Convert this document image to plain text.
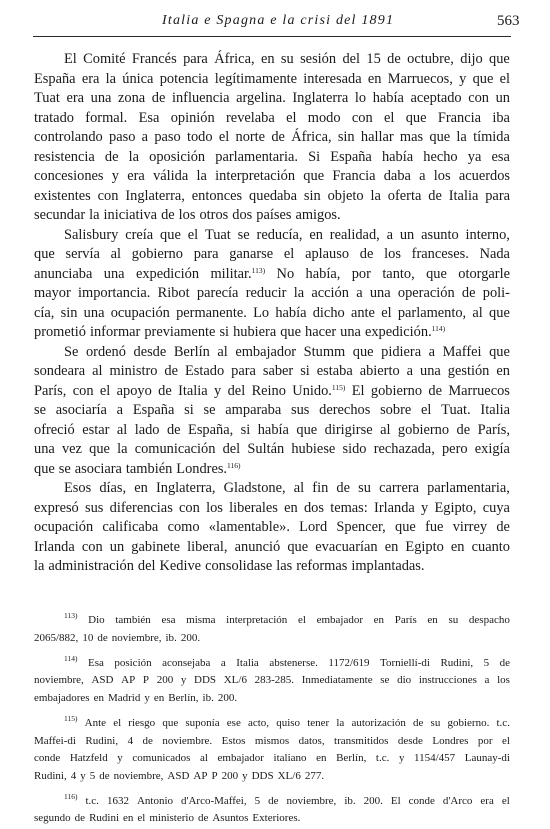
Italia e Spagna e la crisi del 1891	563
El Comité Francés para África, en su sesión del 15 de octubre, dijo que
España era la única potencia legítimamente interesada en Marruecos, y que el
Tuat era una zona de influencia argelina. Inglaterra lo había aceptado con un
tratado formal. Esa opinión revelaba el modo con el que Francia iba
controlando paso a paso todo el norte de África, sin hallar mas que la tímida
resistencia de la oposición parlamentaria. Si España había hecho ya esa
concesiones y era válida la interpretación que Francia daba a los acuerdos
existentes con Inglaterra, entonces quedaba sin objeto la oferta de Italia para
secundar la iniciativa de los otros dos países amigos.
Salisbury creía que el Tuat se reducía, en realidad, a un asunto interno,
que servía al gobierno para ganarse el aplauso de los franceses. Nada
anunciaba una expedición militar.$^{113)}$ No había, por tanto, que otorgarle
mayor importancia. Ribot parecía reducir la acción a una operación de poli-
cía, sin una ocupación permanente. Lo había dicho ante el parlamento, al que
prometió informar previamente si hubiera que hacer una expedición.$^{114)}$
Se ordenó desde Berlín al embajador Stumm que pidiera a Maffei que
sondeara al ministro de Estado para saber si estaba abierto a una gestión en
París, con el apoyo de Italia y del Reino Unido.$^{115)}$ El gobierno de Marruecos
se asociaría a España si se amparaba sus derechos sobre el Tuat. Italia
ofreció estar al lado de España, si había que dirigirse al gobierno de París,
una vez que la comunicación del Sultán hubiese sido rechazada, pero exigía
que se asociara también Londres.$^{116)}$
Esos días, en Inglaterra, Gladstone, al fin de su carrera parlamentaria,
expresó sus diferencias con los liberales en dos temas: Irlanda y Egipto, cuya
ocupación calificaba como «lamentable». Lord Spencer, que fue virrey de
Irlanda con un gabinete liberal, anunció que evacuarían en Egipto en cuanto
la administración del Kedive consolidase las reformas implantadas.
$^{113)}$ Dio también esa misma interpretación el embajador en París en su despacho
2065/882, 10 de noviembre, ib. 200.
$^{114)}$ Esa posición aconsejaba a Italia abstenerse. 1172/619 Torniellí-di Rudini, 5 de
noviembre, ASD AP P 200 y DDS XL/6 283-285. Inmediatamente se dio instrucciones a los
embajadores en Madrid y en Berlín, ib. 200.
$^{115)}$ Ante el riesgo que suponía ese acto, quiso tener la autorización de su gobierno. t.c.
Maffei-di Rudini, 4 de noviembre. Estos mismos datos, transmitidos desde Londres por el
conde Hatzfeld y comunicados al embajador italiano en Berlín, t.c. y 1154/457 Launay-di
Rudini, 4 y 5 de noviembre, ASD AP P 200 y DDS XL/6 277.
$^{116)}$ t.c. 1632 Antonio d'Arco-Maffei, 5 de noviembre, ib. 200. El conde d'Arco era el
segundo de Rudini en el ministerio de Asuntos Exteriores.
